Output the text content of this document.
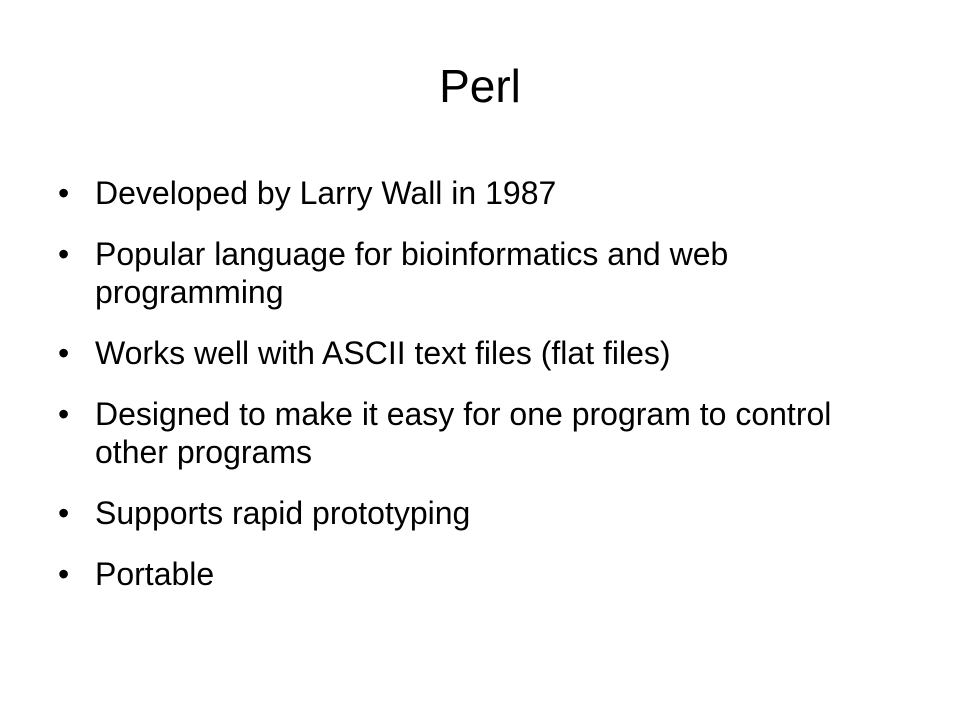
Perl
• Developed by Larry Wall in 1987
• Popular language for bioinformatics and web programming
• Works well with ASCII text files (flat files)
• Designed to make it easy for one program to control other programs
• Supports rapid prototyping
• Portable
